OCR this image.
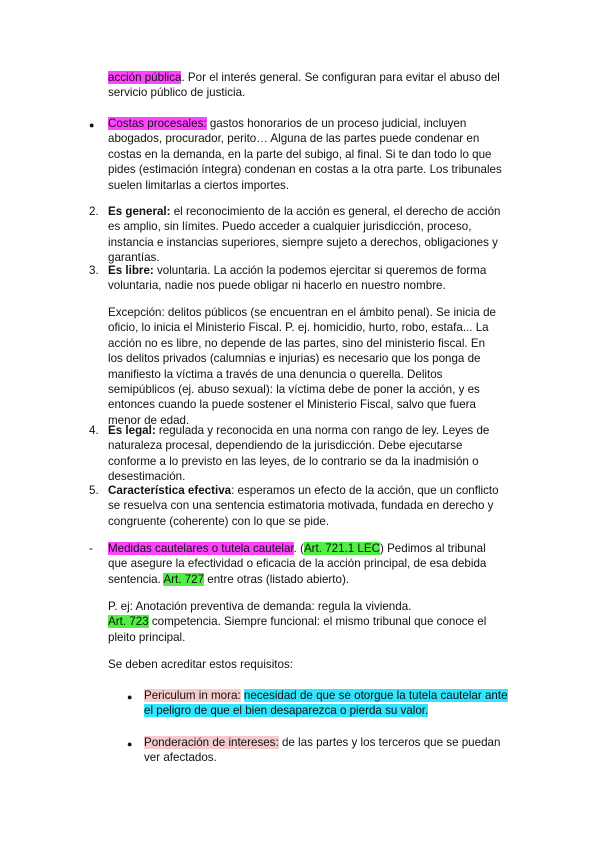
acción pública. Por el interés general. Se configuran para evitar el abuso del servicio público de justicia.

● Costas procesales: gastos honorarios de un proceso judicial, incluyen abogados, procurador, perito… Alguna de las partes puede condenar en costas en la demanda, en la parte del subigo, al final. Si te dan todo lo que pides (estimación íntegra) condenan en costas a la otra parte. Los tribunales suelen limitarlas a ciertos importes.

2. Es general: el reconocimiento de la acción es general, el derecho de acción es amplio, sin límites. Puedo acceder a cualquier jurisdicción, proceso, instancia e instancias superiores, siempre sujeto a derechos, obligaciones y garantías.

3. Es libre: voluntaria. La acción la podemos ejercitar si queremos de forma voluntaria, nadie nos puede obligar ni hacerlo en nuestro nombre.

Excepción: delitos públicos (se encuentran en el ámbito penal). Se inicia de oficio, lo inicia el Ministerio Fiscal. P. ej. homicidio, hurto, robo, estafa... La acción no es libre, no depende de las partes, sino del ministerio fiscal. En los delitos privados (calumnias e injurias) es necesario que los ponga de manifiesto la víctima a través de una denuncia o querella. Delitos semipúblicos (ej. abuso sexual): la víctima debe de poner la acción, y es entonces cuando la puede sostener el Ministerio Fiscal, salvo que fuera menor de edad.

4. Es legal: regulada y reconocida en una norma con rango de ley. Leyes de naturaleza procesal, dependiendo de la jurisdicción. Debe ejecutarse conforme a lo previsto en las leyes, de lo contrario se da la inadmisión o desestimación.

5. Característica efectiva: esperamos un efecto de la acción, que un conflicto se resuelva con una sentencia estimatoria motivada, fundada en derecho y congruente (coherente) con lo que se pide.

- Medidas cautelares o tutela cautelar. (Art. 721.1 LEC) Pedimos al tribunal que asegure la efectividad o eficacia de la acción principal, de esa debida sentencia. Art. 727 entre otras (listado abierto).

P. ej: Anotación preventiva de demanda: regula la vivienda.

Art. 723 competencia. Siempre funcional: el mismo tribunal que conoce el pleito principal.

Se deben acreditar estos requisitos:

● Periculum in mora: necesidad de que se otorgue la tutela cautelar ante el peligro de que el bien desaparezca o pierda su valor.

● Ponderación de intereses: de las partes y los terceros que se puedan ver afectados.
